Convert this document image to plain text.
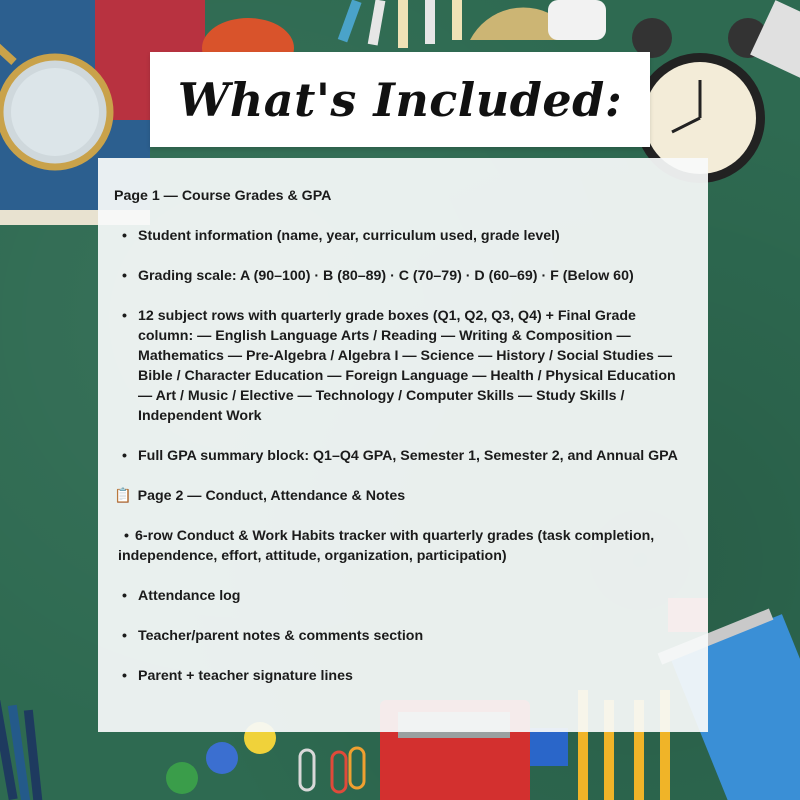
What's Included:
Page 1 — Course Grades & GPA
• Student information (name, year, curriculum used, grade level)
• Grading scale: A (90–100) · B (80–89) · C (70–79) · D (60–69) · F (Below 60)
• 12 subject rows with quarterly grade boxes (Q1, Q2, Q3, Q4) + Final Grade column: — English Language Arts / Reading — Writing & Composition — Mathematics — Pre-Algebra / Algebra I — Science — History / Social Studies — Bible / Character Education — Foreign Language — Health / Physical Education — Art / Music / Elective — Technology / Computer Skills — Study Skills / Independent Work
• Full GPA summary block: Q1–Q4 GPA, Semester 1, Semester 2, and Annual GPA
📋 Page 2 — Conduct, Attendance & Notes
• 6-row Conduct & Work Habits tracker with quarterly grades (task completion, independence, effort, attitude, organization, participation)
• Attendance log
• Teacher/parent notes & comments section
• Parent + teacher signature lines
